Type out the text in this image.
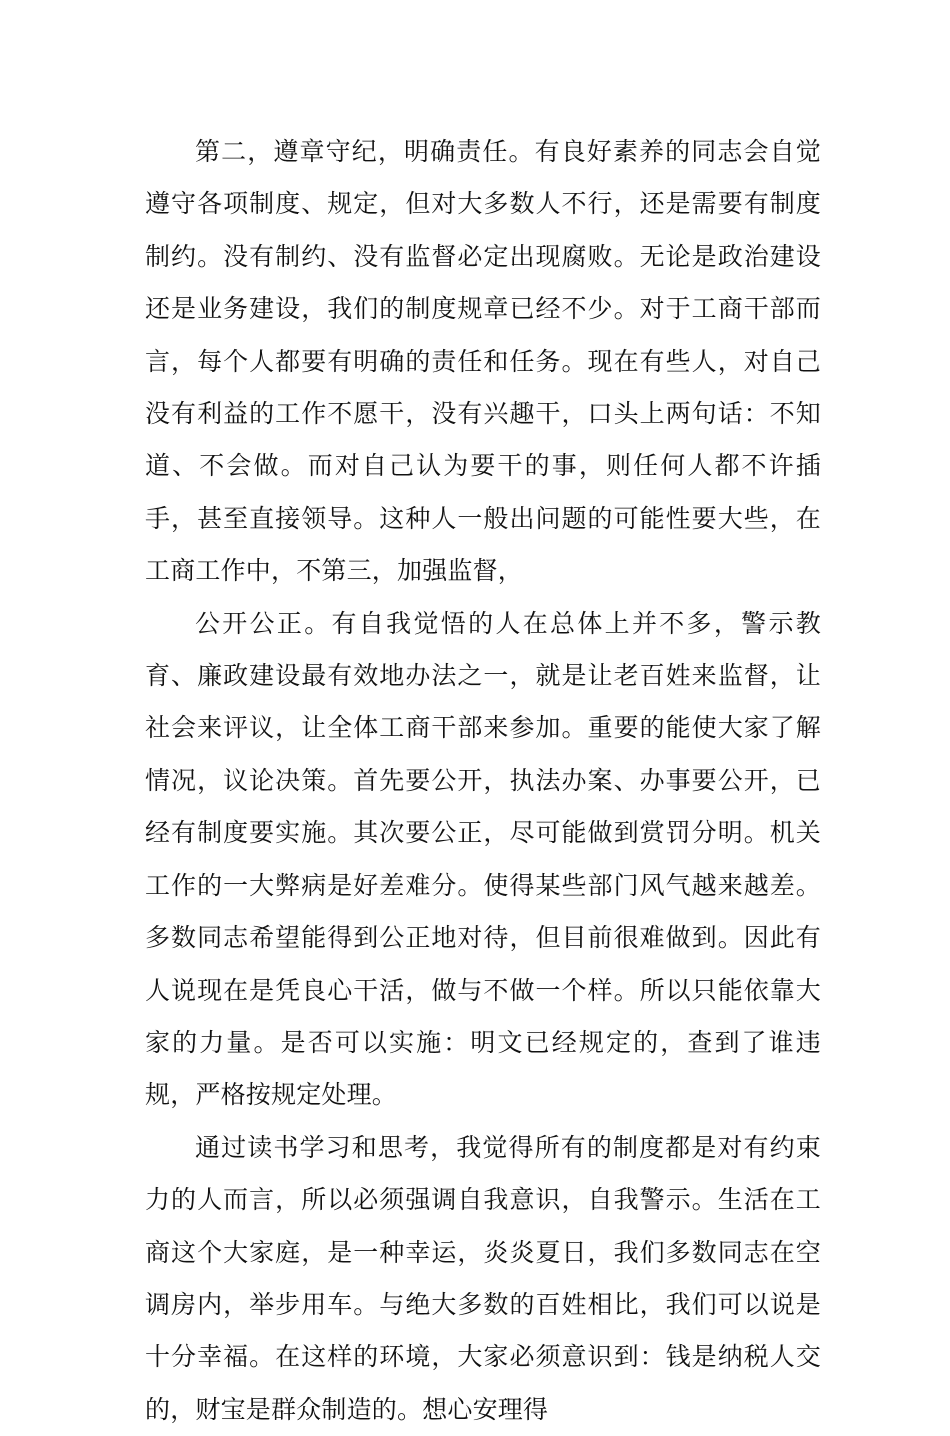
第二，遵章守纪，明确责任。有良好素养的同志会自觉遵守各项制度、规定，但对大多数人不行，还是需要有制度制约。没有制约、没有监督必定出现腐败。无论是政治建设还是业务建设，我们的制度规章已经不少。对于工商干部而言，每个人都要有明确的责任和任务。现在有些人，对自己没有利益的工作不愿干，没有兴趣干，口头上两句话：不知道、不会做。而对自己认为要干的事，则任何人都不许插手，甚至直接领导。这种人一般出问题的可能性要大些，在工商工作中，不第三，加强监督，

公开公正。有自我觉悟的人在总体上并不多，警示教育、廉政建设最有效地办法之一，就是让老百姓来监督，让社会来评议，让全体工商干部来参加。重要的能使大家了解情况，议论决策。首先要公开，执法办案、办事要公开，已经有制度要实施。其次要公正，尽可能做到赏罚分明。机关工作的一大弊病是好差难分。使得某些部门风气越来越差。多数同志希望能得到公正地对待，但目前很难做到。因此有人说现在是凭良心干活，做与不做一个样。所以只能依靠大家的力量。是否可以实施：明文已经规定的，查到了谁违规，严格按规定处理。

通过读书学习和思考，我觉得所有的制度都是对有约束力的人而言，所以必须强调自我意识，自我警示。生活在工商这个大家庭，是一种幸运，炎炎夏日，我们多数同志在空调房内，举步用车。与绝大多数的百姓相比，我们可以说是十分幸福。在这样的环境，大家必须意识到：钱是纳税人交的，财宝是群众制造的。想心安理得
